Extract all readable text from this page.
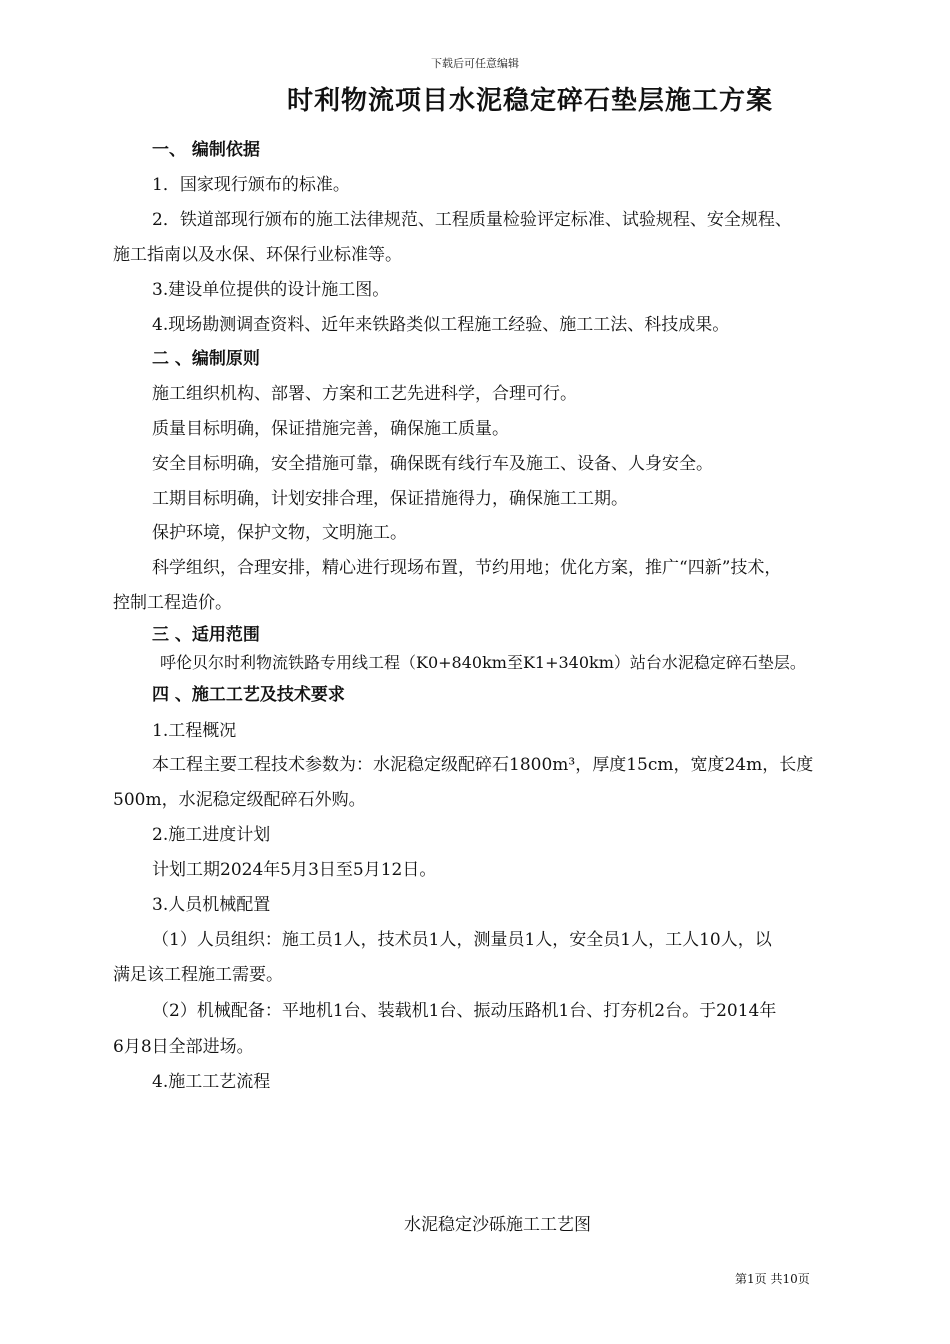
下载后可任意编辑
时利物流项目水泥稳定碎石垫层施工方案
一、 编制依据
1．国家现行颁布的标准。
2．铁道部现行颁布的施工法律规范、工程质量检验评定标准、试验规程、安全规程、
施工指南以及水保、环保行业标准等。
3.建设单位提供的设计施工图。
4.现场勘测调查资料、近年来铁路类似工程施工经验、施工工法、科技成果。
二 、编制原则
施工组织机构、部署、方案和工艺先进科学，合理可行。
质量目标明确，保证措施完善，确保施工质量。
安全目标明确，安全措施可靠，确保既有线行车及施工、设备、人身安全。
工期目标明确，计划安排合理，保证措施得力，确保施工工期。
保护环境，保护文物，文明施工。
科学组织，合理安排，精心进行现场布置，节约用地；优化方案，推广“四新”技术，
控制工程造价。
三 、适用范围
呼伦贝尔时利物流铁路专用线工程（K0+840km至K1+340km）站台水泥稳定碎石垫层。
四 、施工工艺及技术要求
1.工程概况
本工程主要工程技术参数为：水泥稳定级配碎石1800m³，厚度15cm，宽度24m，长度
500m，水泥稳定级配碎石外购。
2.施工进度计划
计划工期2024年5月3日至5月12日。
3.人员机械配置
（1）人员组织：施工员1人，技术员1人，测量员1人，安全员1人，工人10人，以
满足该工程施工需要。
（2）机械配备：平地机1台、装载机1台、振动压路机1台、打夯机2台。于2014年
6月8日全部进场。
4.施工工艺流程
水泥稳定沙砾施工工艺图
第1页 共10页
